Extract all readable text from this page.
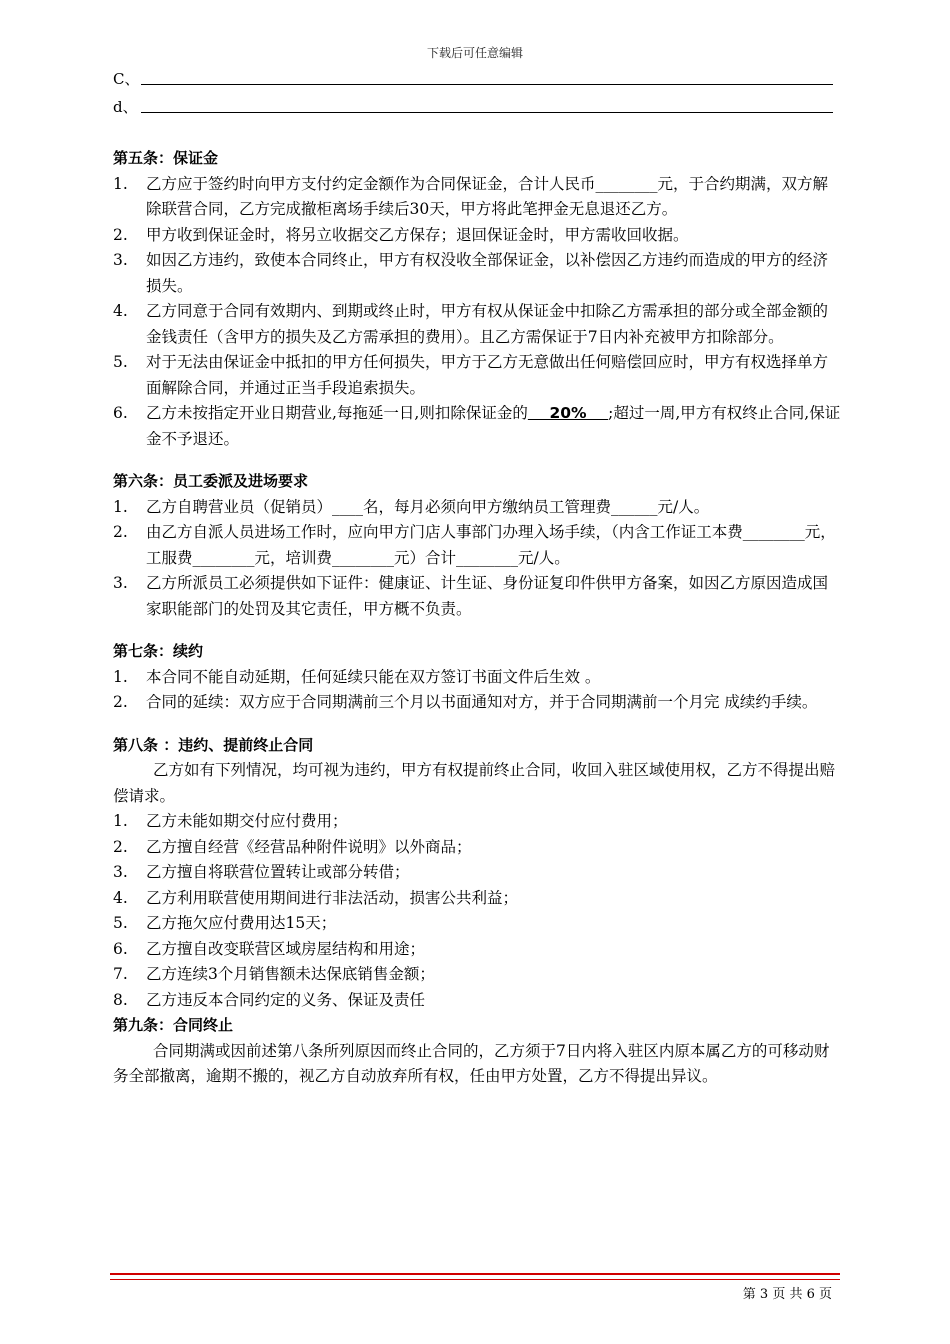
下载后可任意编辑
C、
d、

第五条：保证金

1. 乙方应于签约时向甲方支付约定金额作为合同保证金，合计人民币________元，于合约期满，双方解除联营合同，乙方完成撤柜离场手续后30天，甲方将此笔押金无息退还乙方。
2. 甲方收到保证金时，将另立收据交乙方保存；退回保证金时，甲方需收回收据。
3. 如因乙方违约，致使本合同终止，甲方有权没收全部保证金，以补偿因乙方违约而造成的甲方的经济损失。
4. 乙方同意于合同有效期内、到期或终止时，甲方有权从保证金中扣除乙方需承担的部分或全部金额的金钱责任（含甲方的损失及乙方需承担的费用）。且乙方需保证于7日内补充被甲方扣除部分。
5. 对于无法由保证金中抵扣的甲方任何损失，甲方于乙方无意做出任何赔偿回应时，甲方有权选择单方面解除合同，并通过正当手段追索损失。
6. 乙方未按指定开业日期营业,每拖延一日,则扣除保证金的    20%    ;超过一周,甲方有权终止合同,保证金不予退还。

第六条：员工委派及进场要求

1. 乙方自聘营业员（促销员）____名，每月必须向甲方缴纳员工管理费______元/人。
2. 由乙方自派人员进场工作时，应向甲方门店人事部门办理入场手续，（内含工作证工本费________元，工服费________元，培训费________元）合计________元/人。
3. 乙方所派员工必须提供如下证件：健康证、计生证、身份证复印件供甲方备案，如因乙方原因造成国家职能部门的处罚及其它责任，甲方概不负责。

第七条：续约

1. 本合同不能自动延期，任何延续只能在双方签订书面文件后生效 。
2. 合同的延续：双方应于合同期满前三个月以书面通知对方，并于合同期满前一个月完 成续约手续。

第八条 ：违约、提前终止合同

乙方如有下列情况，均可视为违约，甲方有权提前终止合同，收回入驻区域使用权，乙方不得提出赔偿请求。

1. 乙方未能如期交付应付费用；
2. 乙方擅自经营《经营品种附件说明》以外商品；
3. 乙方擅自将联营位置转让或部分转借；
4. 乙方利用联营使用期间进行非法活动，损害公共利益；
5. 乙方拖欠应付费用达15天；
6. 乙方擅自改变联营区域房屋结构和用途；
7. 乙方连续3个月销售额未达保底销售金额；
8. 乙方违反本合同约定的义务、保证及责任

第九条：合同终止

合同期满或因前述第八条所列原因而终止合同的，乙方须于7日内将入驻区内原本属乙方的可移动财务全部撤离，逾期不搬的，视乙方自动放弃所有权，任由甲方处置，乙方不得提出异议。

第 3 页 共 6 页
